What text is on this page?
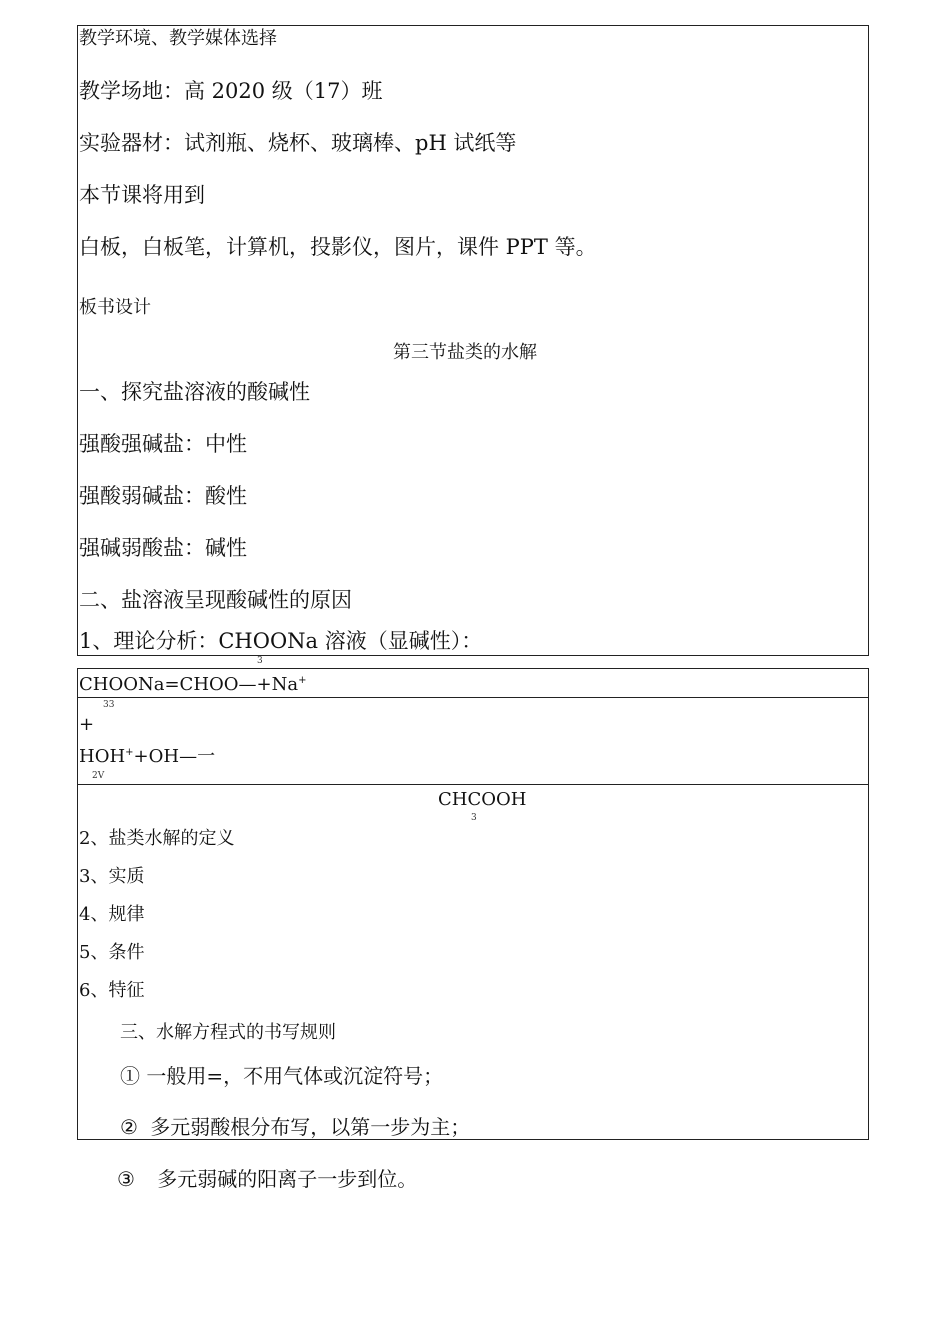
教学环境、教学媒体选择
教学场地：高 2020 级（17）班
实验器材：试剂瓶、烧杯、玻璃棒、pH 试纸等
本节课将用到
白板，白板笔，计算机，投影仪，图片，课件 PPT 等。
板书设计
第三节盐类的水解
一、探究盐溶液的酸碱性
强酸强碱盐：中性
强酸弱碱盐：酸性
强碱弱酸盐：碱性
二、盐溶液呈现酸碱性的原因
1、理论分析：CHOONa 溶液（显碱性）：
3
CHOONa=CHOO—+Na+
33
+
HOH++OH—一
2V
CHCOOH
3
2、盐类水解的定义
3、实质
4、规律
5、条件
6、特征
三、水解方程式的书写规则
① 一般用=，不用气体或沉淀符号；
② 多元弱酸根分布写，以第一步为主；
③ 多元弱碱的阳离子一步到位。
